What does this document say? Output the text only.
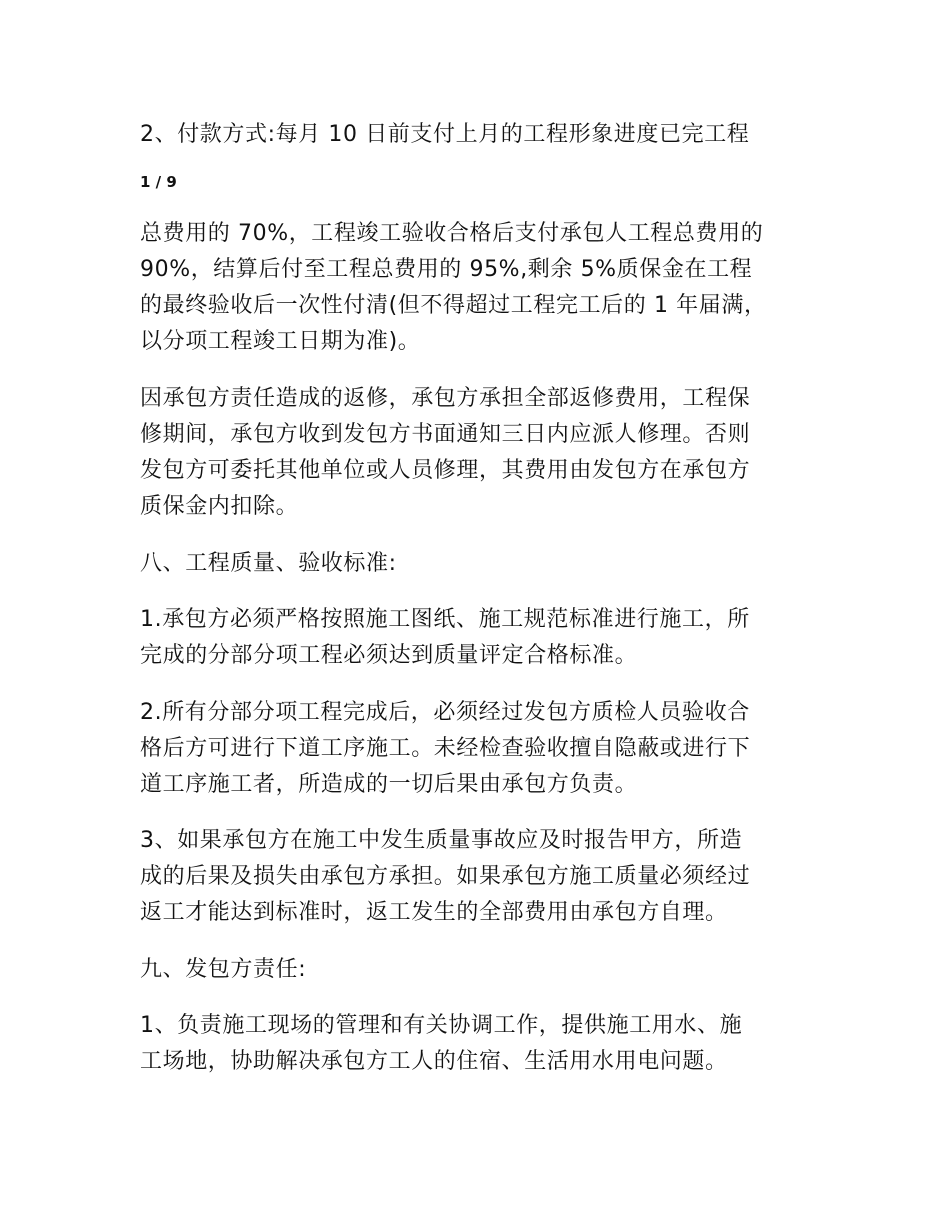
2、付款方式:每月 10 日前支付上月的工程形象进度已完工程
1 / 9
总费用的 70%，工程竣工验收合格后支付承包人工程总费用的
90%，结算后付至工程总费用的 95%,剩余 5%质保金在工程
的最终验收后一次性付清(但不得超过工程完工后的 1 年届满，
以分项工程竣工日期为准)。
因承包方责任造成的返修，承包方承担全部返修费用，工程保
修期间，承包方收到发包方书面通知三日内应派人修理。否则
发包方可委托其他单位或人员修理，其费用由发包方在承包方
质保金内扣除。
八、工程质量、验收标准:
1.承包方必须严格按照施工图纸、施工规范标准进行施工，所
完成的分部分项工程必须达到质量评定合格标准。
2.所有分部分项工程完成后，必须经过发包方质检人员验收合
格后方可进行下道工序施工。未经检查验收擅自隐蔽或进行下
道工序施工者，所造成的一切后果由承包方负责。
3、如果承包方在施工中发生质量事故应及时报告甲方，所造
成的后果及损失由承包方承担。如果承包方施工质量必须经过
返工才能达到标准时，返工发生的全部费用由承包方自理。
九、发包方责任:
1、负责施工现场的管理和有关协调工作，提供施工用水、施
工场地，协助解决承包方工人的住宿、生活用水用电问题。
